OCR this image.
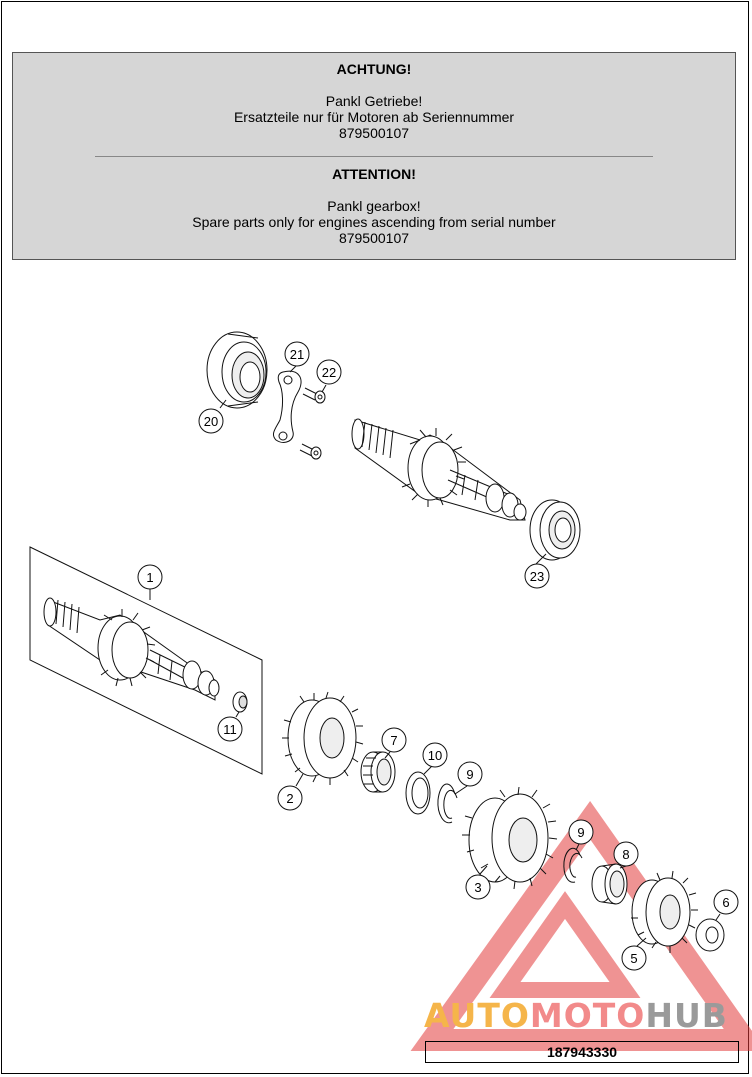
ACHTUNG!
Pankl Getriebe!
Ersatzteile nur für Motoren ab Seriennummer
879500107
ATTENTION!
Pankl gearbox!
Spare parts only for engines ascending from serial number
879500107
1
2
3
5
6
7
8
9
9
10
11
20
21
22
23
AUTOMOTOHUB
187943330
